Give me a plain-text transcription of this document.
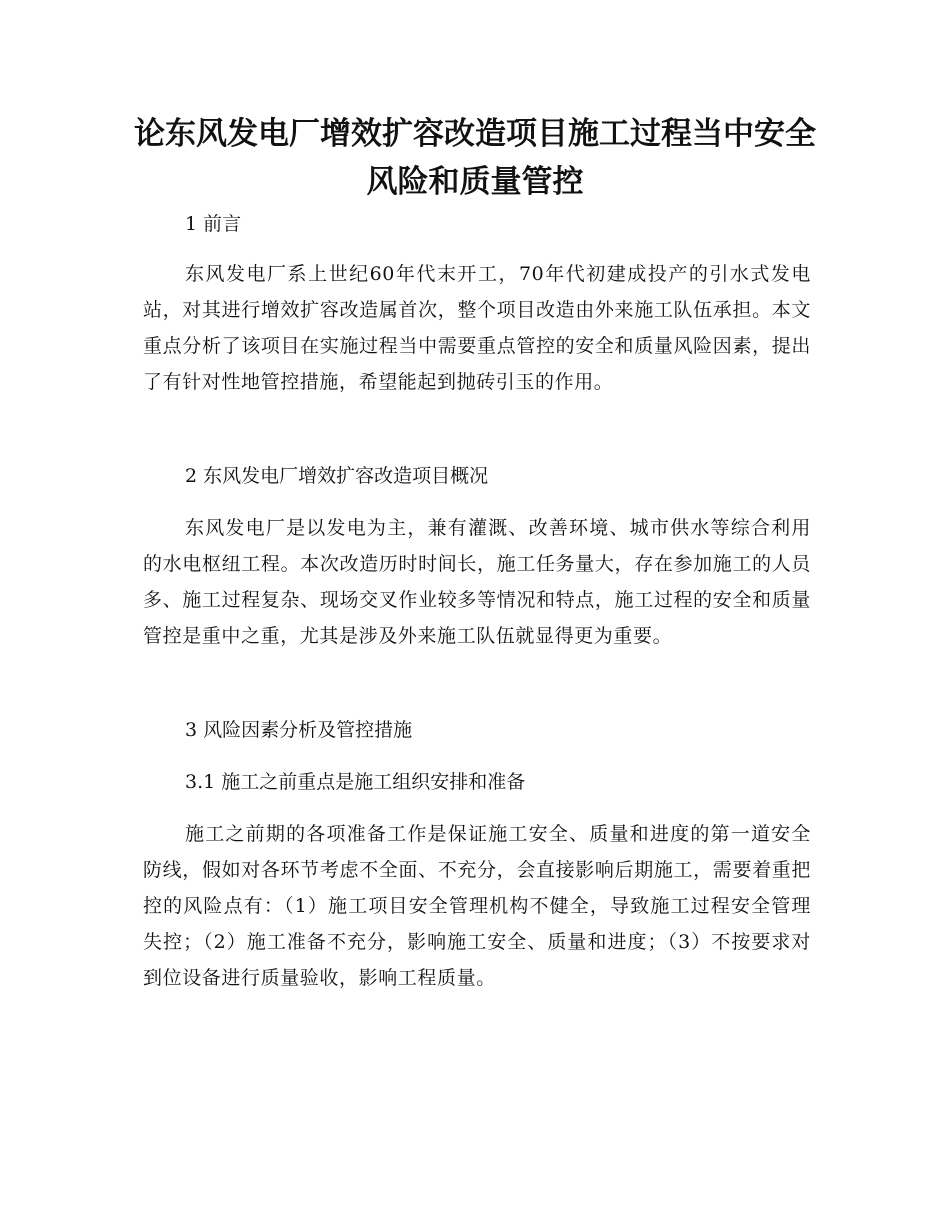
论东风发电厂增效扩容改造项目施工过程当中安全风险和质量管控

1 前言

东风发电厂系上世纪60年代末开工，70年代初建成投产的引水式发电站，对其进行增效扩容改造属首次，整个项目改造由外来施工队伍承担。本文重点分析了该项目在实施过程当中需要重点管控的安全和质量风险因素，提出了有针对性地管控措施，希望能起到抛砖引玉的作用。

2 东风发电厂增效扩容改造项目概况

东风发电厂是以发电为主，兼有灌溉、改善环境、城市供水等综合利用的水电枢纽工程。本次改造历时时间长，施工任务量大，存在参加施工的人员多、施工过程复杂、现场交叉作业较多等情况和特点，施工过程的安全和质量管控是重中之重，尤其是涉及外来施工队伍就显得更为重要。

3 风险因素分析及管控措施

3.1 施工之前重点是施工组织安排和准备

施工之前期的各项准备工作是保证施工安全、质量和进度的第一道安全防线，假如对各环节考虑不全面、不充分，会直接影响后期施工，需要着重把控的风险点有：（1）施工项目安全管理机构不健全，导致施工过程安全管理失控；（2）施工准备不充分，影响施工安全、质量和进度；（3）不按要求对到位设备进行质量验收，影响工程质量。
